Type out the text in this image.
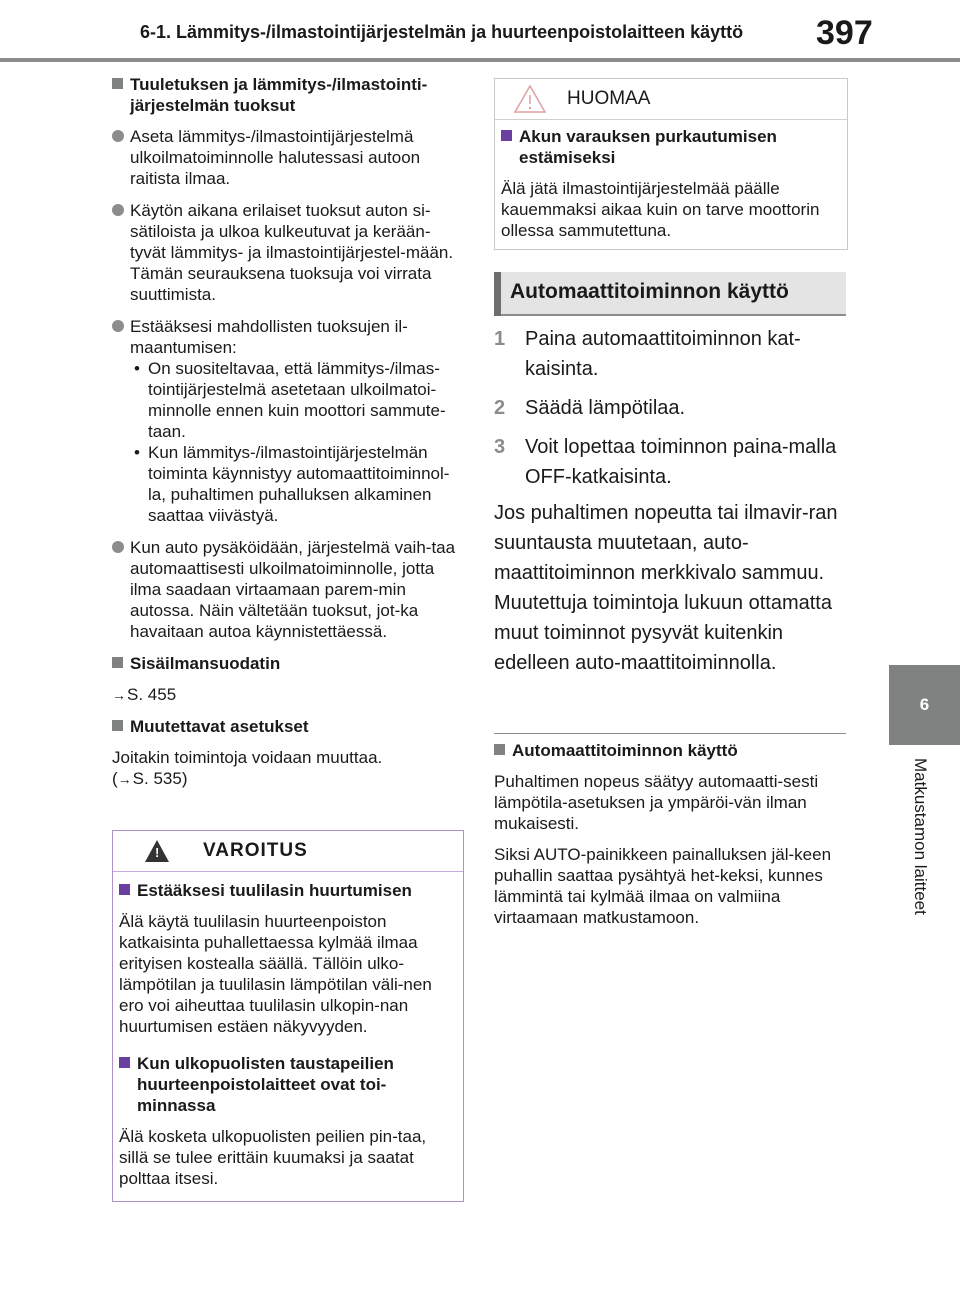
6-1. Lämmitys-/ilmastointijärjestelmän ja huurteenpoistolaitteen käyttö 397
6
Matkustamon laitteet
Tuuletuksen ja lämmitys-/ilmastointi-järjestelmän tuoksut
Aseta lämmitys-/ilmastointijärjestelmä ulkoilmatoiminnolle halutessasi autoon raitista ilmaa.
Käytön aikana erilaiset tuoksut auton si-sätiloista ja ulkoa kulkeutuvat ja kerään-tyvät lämmitys- ja ilmastointijärjestel-mään. Tämän seurauksena tuoksuja voi virrata suuttimista.
Estääksesi mahdollisten tuoksujen il-maantumisen:
• On suositeltavaa, että lämmitys-/ilmas-tointijärjestelmä asetetaan ulkoilmatoi-minnolle ennen kuin moottori sammute-taan.
• Kun lämmitys-/ilmastointijärjestelmän toiminta käynnistyy automaattitoiminnol-la, puhaltimen puhalluksen alkaminen saattaa viivästyä.
Kun auto pysäköidään, järjestelmä vaih-taa automaattisesti ulkoilmatoiminnolle, jotta ilma saadaan virtaamaan parem-min autossa. Näin vältetään tuoksut, jot-ka havaitaan autoa käynnistettäessä.
Sisäilmansuodatin
→S. 455
Muutettavat asetukset
Joitakin toimintoja voidaan muuttaa.
(→S. 535)
! VAROITUS
Estääksesi tuulilasin huurtumisen
Älä käytä tuulilasin huurteenpoiston katkaisinta puhallettaessa kylmää ilmaa erityisen kostealla säällä. Tällöin ulko-lämpötilan ja tuulilasin lämpötilan väli-nen ero voi aiheuttaa tuulilasin ulkopin-nan huurtumisen estäen näkyvyyden.
Kun ulkopuolisten taustapeilien huurteenpoistolaitteet ovat toi-minnassa
Älä kosketa ulkopuolisten peilien pin-taa, sillä se tulee erittäin kuumaksi ja saatat polttaa itsesi.
HUOMAA
Akun varauksen purkautumisen estämiseksi
Älä jätä ilmastointijärjestelmää päälle kauemmaksi aikaa kuin on tarve moottorin ollessa sammutettuna.
Automaattitoiminnon käyttö
1 Paina automaattitoiminnon kat-kaisinta.
2 Säädä lämpötilaa.
3 Voit lopettaa toiminnon paina-malla OFF-katkaisinta.
Jos puhaltimen nopeutta tai ilmavir-ran suuntausta muutetaan, auto-maattitoiminnon merkkivalo sammuu. Muutettuja toimintoja lukuun ottamatta muut toiminnot pysyvät kuitenkin edelleen auto-maattitoiminnolla.
Automaattitoiminnon käyttö
Puhaltimen nopeus säätyy automaatti-sesti lämpötila-asetuksen ja ympäröi-vän ilman mukaisesti.
Siksi AUTO-painikkeen painalluksen jäl-keen puhallin saattaa pysähtyä het-keksi, kunnes lämmintä tai kylmää ilmaa on valmiina virtaamaan matkustamoon.
